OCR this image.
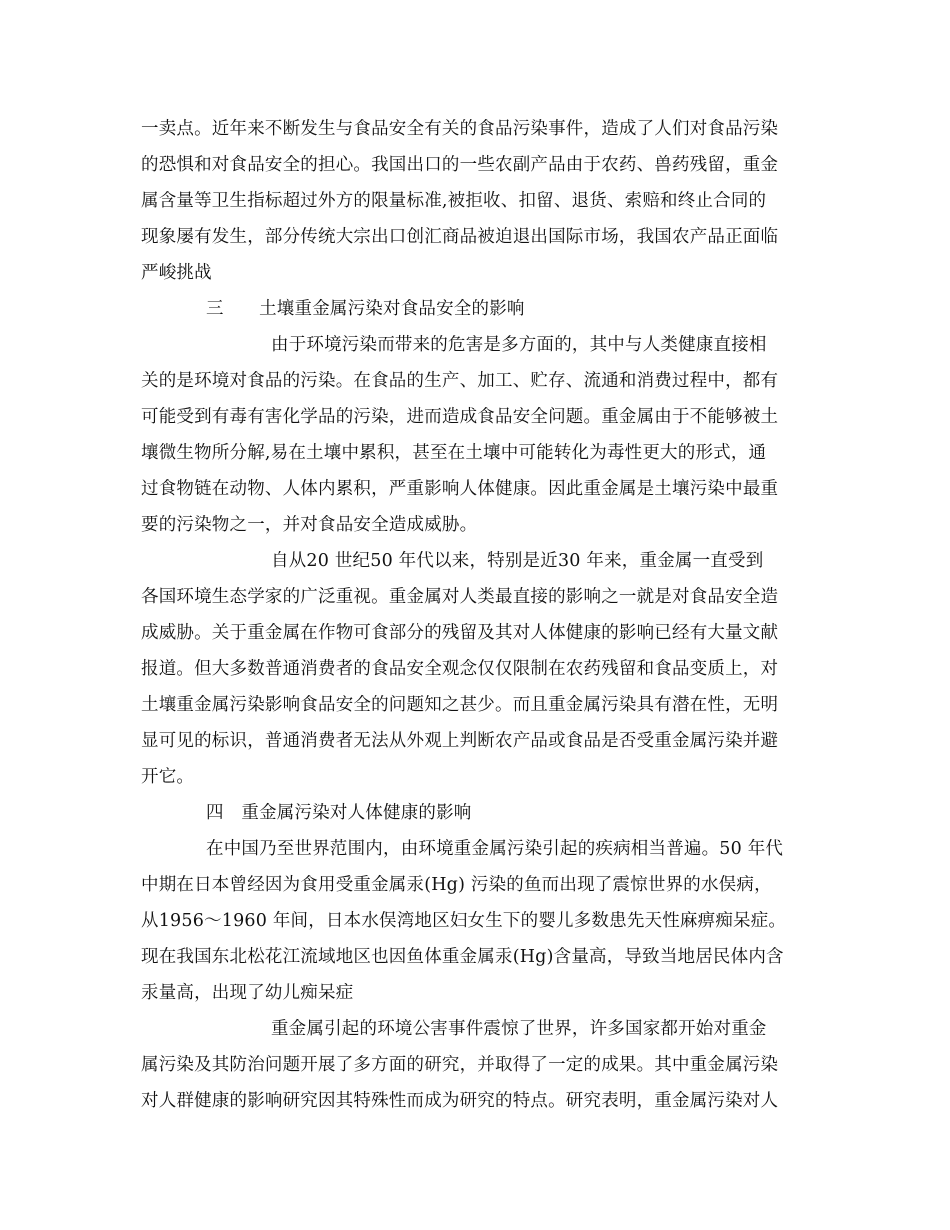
一卖点。近年来不断发生与食品安全有关的食品污染事件，造成了人们对食品污染
的恐惧和对食品安全的担心。我国出口的一些农副产品由于农药、兽药残留，重金
属含量等卫生指标超过外方的限量标准,被拒收、扣留、退货、索赔和终止合同的
现象屡有发生，部分传统大宗出口创汇商品被迫退出国际市场，我国农产品正面临
严峻挑战
三　　土壤重金属污染对食品安全的影响
由于环境污染而带来的危害是多方面的，其中与人类健康直接相
关的是环境对食品的污染。在食品的生产、加工、贮存、流通和消费过程中，都有
可能受到有毒有害化学品的污染，进而造成食品安全问题。重金属由于不能够被土
壤微生物所分解,易在土壤中累积，甚至在土壤中可能转化为毒性更大的形式，通
过食物链在动物、人体内累积，严重影响人体健康。因此重金属是土壤污染中最重
要的污染物之一，并对食品安全造成威胁。
自从20 世纪50 年代以来，特别是近30 年来，重金属一直受到
各国环境生态学家的广泛重视。重金属对人类最直接的影响之一就是对食品安全造
成威胁。关于重金属在作物可食部分的残留及其对人体健康的影响已经有大量文献
报道。但大多数普通消费者的食品安全观念仅仅限制在农药残留和食品变质上，对
土壤重金属污染影响食品安全的问题知之甚少。而且重金属污染具有潜在性，无明
显可见的标识，普通消费者无法从外观上判断农产品或食品是否受重金属污染并避
开它。
四　重金属污染对人体健康的影响
在中国乃至世界范围内，由环境重金属污染引起的疾病相当普遍。50 年代
中期在日本曾经因为食用受重金属汞(Hg) 污染的鱼而出现了震惊世界的水俣病，
从1956～1960 年间，日本水俣湾地区妇女生下的婴儿多数患先天性麻痹痴呆症。
现在我国东北松花江流域地区也因鱼体重金属汞(Hg)含量高，导致当地居民体内含
汞量高，出现了幼儿痴呆症
重金属引起的环境公害事件震惊了世界，许多国家都开始对重金
属污染及其防治问题开展了多方面的研究，并取得了一定的成果。其中重金属污染
对人群健康的影响研究因其特殊性而成为研究的特点。研究表明，重金属污染对人
